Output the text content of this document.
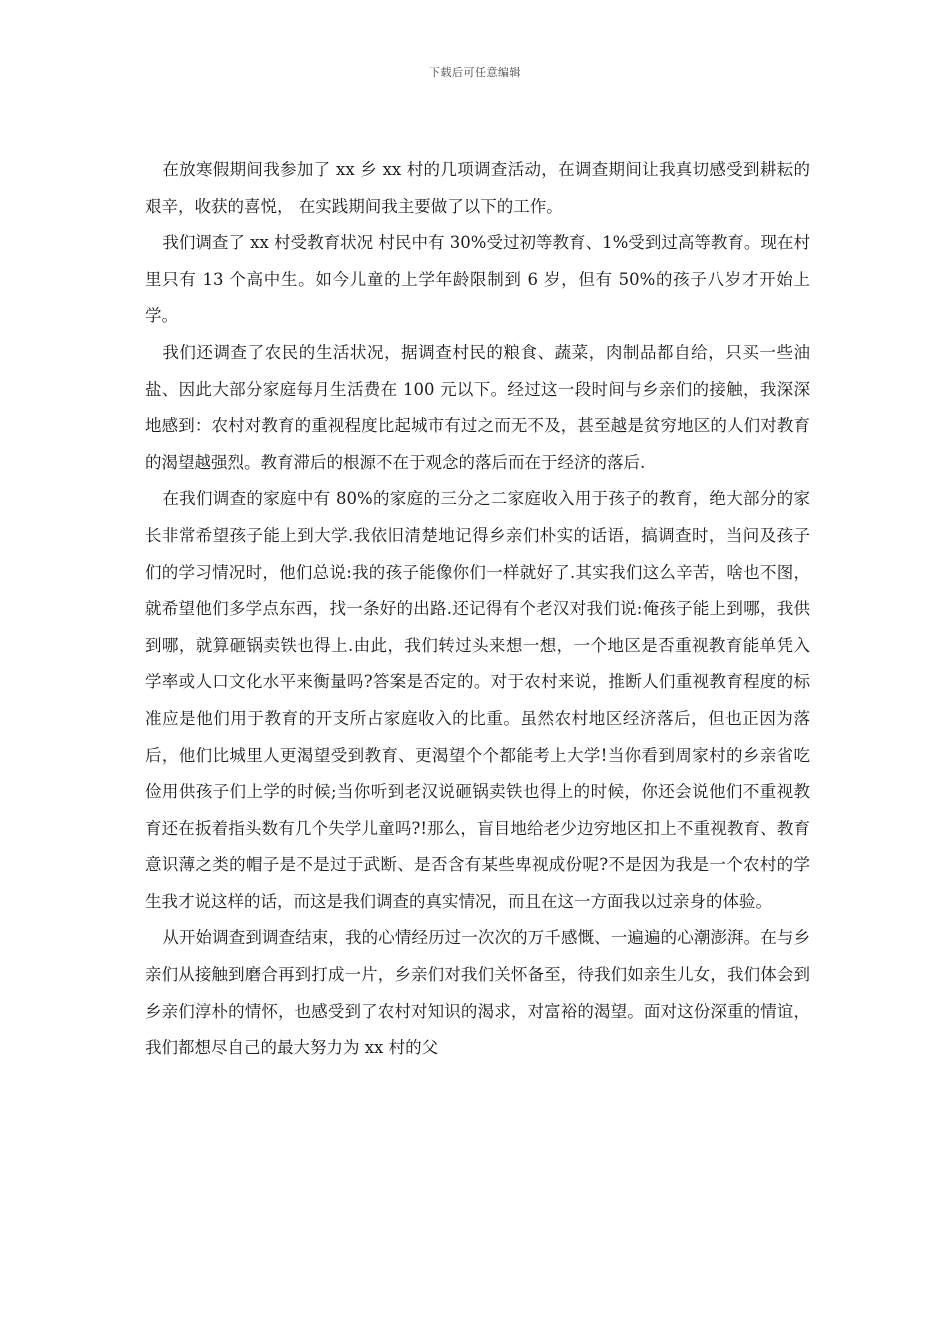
下载后可任意编辑

在放寒假期间我参加了 xx 乡 xx 村的几项调查活动，在调查期间让我真切感受到耕耘的艰辛，收获的喜悦， 在实践期间我主要做了以下的工作。

我们调查了 xx 村受教育状况 村民中有 30%受过初等教育、1%受到过高等教育。现在村里只有 13 个高中生。如今儿童的上学年龄限制到 6 岁，但有 50%的孩子八岁才开始上学。

我们还调查了农民的生活状况，据调查村民的粮食、蔬菜，肉制品都自给，只买一些油盐、因此大部分家庭每月生活费在 100 元以下。经过这一段时间与乡亲们的接触，我深深地感到：农村对教育的重视程度比起城市有过之而无不及，甚至越是贫穷地区的人们对教育的渴望越强烈。教育滞后的根源不在于观念的落后而在于经济的落后.

在我们调查的家庭中有 80%的家庭的三分之二家庭收入用于孩子的教育，绝大部分的家长非常希望孩子能上到大学.我依旧清楚地记得乡亲们朴实的话语，搞调查时，当问及孩子们的学习情况时，他们总说:我的孩子能像你们一样就好了.其实我们这么辛苦，啥也不图，就希望他们多学点东西，找一条好的出路.还记得有个老汉对我们说:俺孩子能上到哪，我供到哪，就算砸锅卖铁也得上.由此，我们转过头来想一想，一个地区是否重视教育能单凭入学率或人口文化水平来衡量吗?答案是否定的。对于农村来说，推断人们重视教育程度的标准应是他们用于教育的开支所占家庭收入的比重。虽然农村地区经济落后，但也正因为落后，他们比城里人更渴望受到教育、更渴望个个都能考上大学!当你看到周家村的乡亲省吃俭用供孩子们上学的时候;当你听到老汉说砸锅卖铁也得上的时候，你还会说他们不重视教育还在扳着指头数有几个失学儿童吗?!那么，盲目地给老少边穷地区扣上不重视教育、教育意识薄之类的帽子是不是过于武断、是否含有某些卑视成份呢?不是因为我是一个农村的学生我才说这样的话，而这是我们调查的真实情况，而且在这一方面我以过亲身的体验。

从开始调查到调查结束，我的心情经历过一次次的万千感慨、一遍遍的心潮澎湃。在与乡亲们从接触到磨合再到打成一片，乡亲们对我们关怀备至，待我们如亲生儿女，我们体会到乡亲们淳朴的情怀，也感受到了农村对知识的渴求，对富裕的渴望。面对这份深重的情谊，我们都想尽自己的最大努力为 xx 村的父
